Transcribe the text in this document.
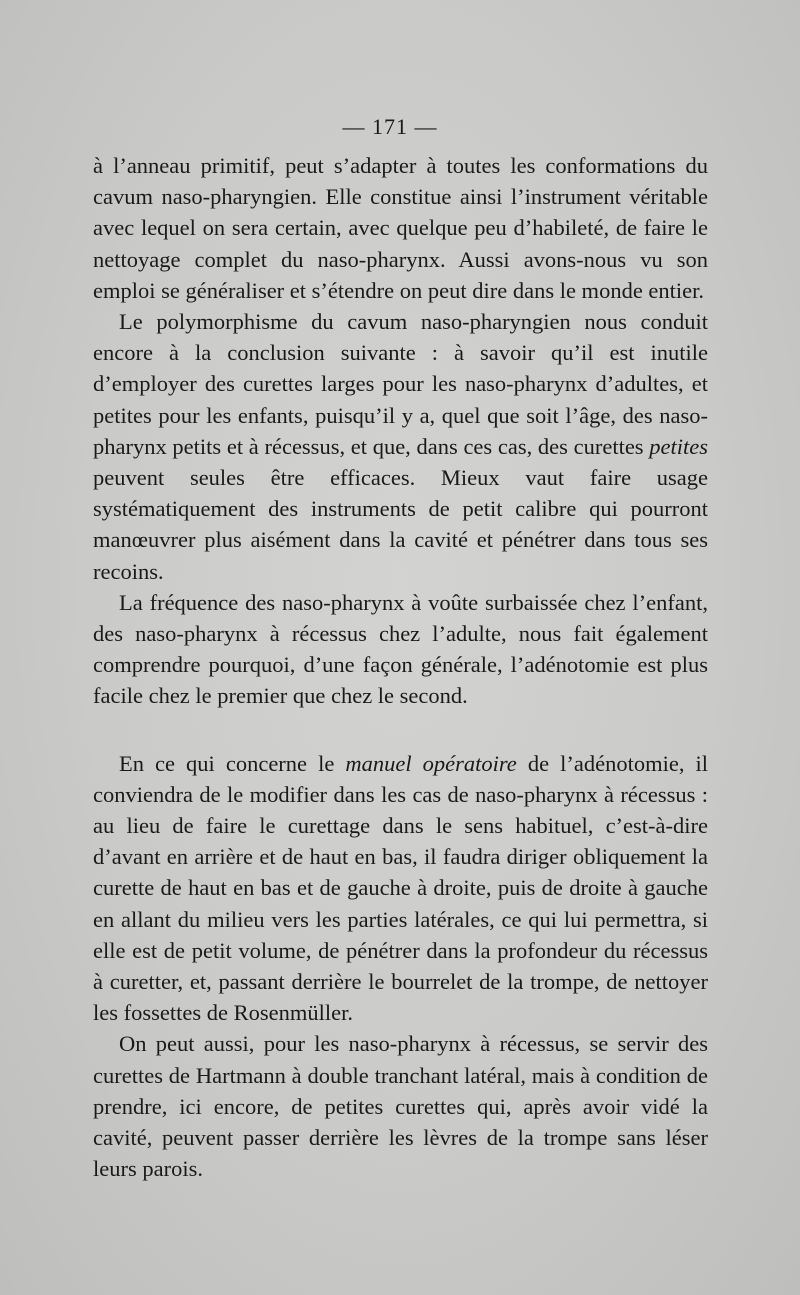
— 171 —

à l’anneau primitif, peut s’adapter à toutes les conformations du cavum naso-pharyngien. Elle constitue ainsi l’instrument véritable avec lequel on sera certain, avec quelque peu d’habileté, de faire le nettoyage complet du naso-pharynx. Aussi avons-nous vu son emploi se généraliser et s’étendre on peut dire dans le monde entier.

Le polymorphisme du cavum naso-pharyngien nous conduit encore à la conclusion suivante : à savoir qu’il est inutile d’employer des curettes larges pour les naso-pharynx d’adultes, et petites pour les enfants, puisqu’il y a, quel que soit l’âge, des naso-pharynx petits et à récessus, et que, dans ces cas, des curettes petites peuvent seules être efficaces. Mieux vaut faire usage systématiquement des instruments de petit calibre qui pourront manœuvrer plus aisément dans la cavité et pénétrer dans tous ses recoins.

La fréquence des naso-pharynx à voûte surbaissée chez l’enfant, des naso-pharynx à récessus chez l’adulte, nous fait également comprendre pourquoi, d’une façon générale, l’adénotomie est plus facile chez le premier que chez le second.

En ce qui concerne le manuel opératoire de l’adénotomie, il conviendra de le modifier dans les cas de naso-pharynx à récessus : au lieu de faire le curettage dans le sens habituel, c’est-à-dire d’avant en arrière et de haut en bas, il faudra diriger obliquement la curette de haut en bas et de gauche à droite, puis de droite à gauche en allant du milieu vers les parties latérales, ce qui lui permettra, si elle est de petit volume, de pénétrer dans la profondeur du récessus à curetter, et, passant derrière le bourrelet de la trompe, de nettoyer les fossettes de Rosenmüller.

On peut aussi, pour les naso-pharynx à récessus, se servir des curettes de Hartmann à double tranchant latéral, mais à condition de prendre, ici encore, de petites curettes qui, après avoir vidé la cavité, peuvent passer derrière les lèvres de la trompe sans léser leurs parois.
